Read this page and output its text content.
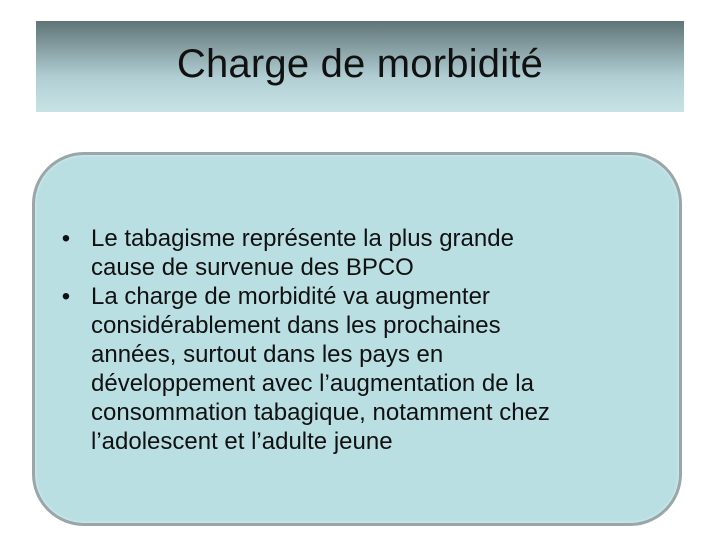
Charge de morbidité
• Le tabagisme représente la plus grande
cause de survenue des BPCO
• La charge de morbidité va augmenter
considérablement dans les prochaines
années, surtout dans les pays en
développement avec l’augmentation de la
consommation tabagique, notamment chez
l’adolescent et l’adulte jeune
